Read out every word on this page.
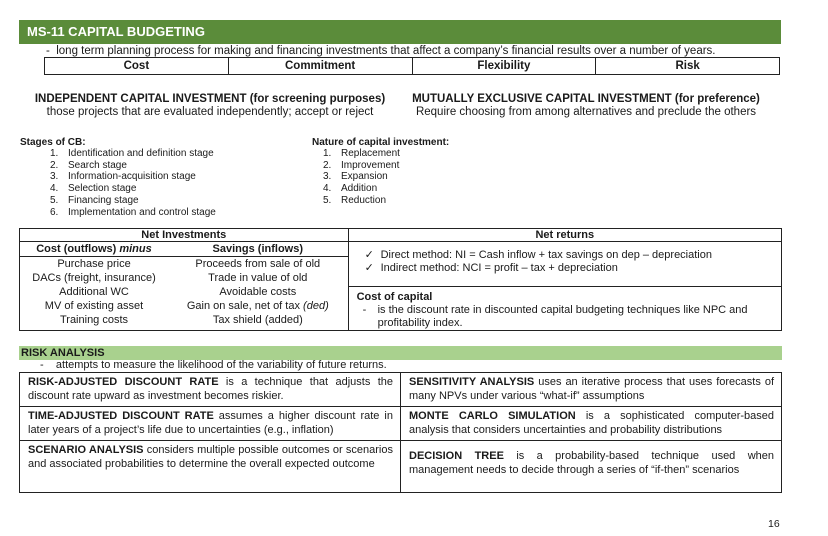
MS-11 CAPITAL BUDGETING
- long term planning process for making and financing investments that affect a company’s financial results over a number of years.
Cost	Commitment	Flexibility	Risk
INDEPENDENT CAPITAL INVESTMENT (for screening purposes)
those projects that are evaluated independently; accept or reject
MUTUALLY EXCLUSIVE CAPITAL INVESTMENT (for preference)
Require choosing from among alternatives and preclude the others
Stages of CB:
1. Identification and definition stage
2. Search stage
3. Information-acquisition stage
4. Selection stage
5. Financing stage
6. Implementation and control stage
Nature of capital investment:
1. Replacement
2. Improvement
3. Expansion
4. Addition
5. Reduction
Net Investments	Net returns

Cost (outflows) minus	Savings (inflows)
Purchase price	Proceeds from sale of old
DACs (freight, insurance)	Trade in value of old
Additional WC	Avoidable costs
MV of existing asset	Gain on sale, net of tax (ded)
Training costs	Tax shield (added)

✓ Direct method: NI = Cash inflow + tax savings on dep – depreciation
✓ Indirect method: NCI = profit – tax + depreciation
Cost of capital
-	is the discount rate in discounted capital budgeting techniques like NPC and profitability index.
RISK ANALYSIS
- attempts to measure the likelihood of the variability of future returns.
RISK-ADJUSTED DISCOUNT RATE is a technique that adjusts the discount rate upward as investment becomes riskier.	SENSITIVITY ANALYSIS uses an iterative process that uses forecasts of many NPVs under various “what-if” assumptions
TIME-ADJUSTED DISCOUNT RATE assumes a higher discount rate in later years of a project’s life due to uncertainties (e.g., inflation)	MONTE CARLO SIMULATION is a sophisticated computer-based analysis that considers uncertainties and probability distributions
SCENARIO ANALYSIS considers multiple possible outcomes or scenarios and associated probabilities to determine the overall expected outcome	DECISION TREE is a probability-based technique used when management needs to decide through a series of “if-then” scenarios
16
